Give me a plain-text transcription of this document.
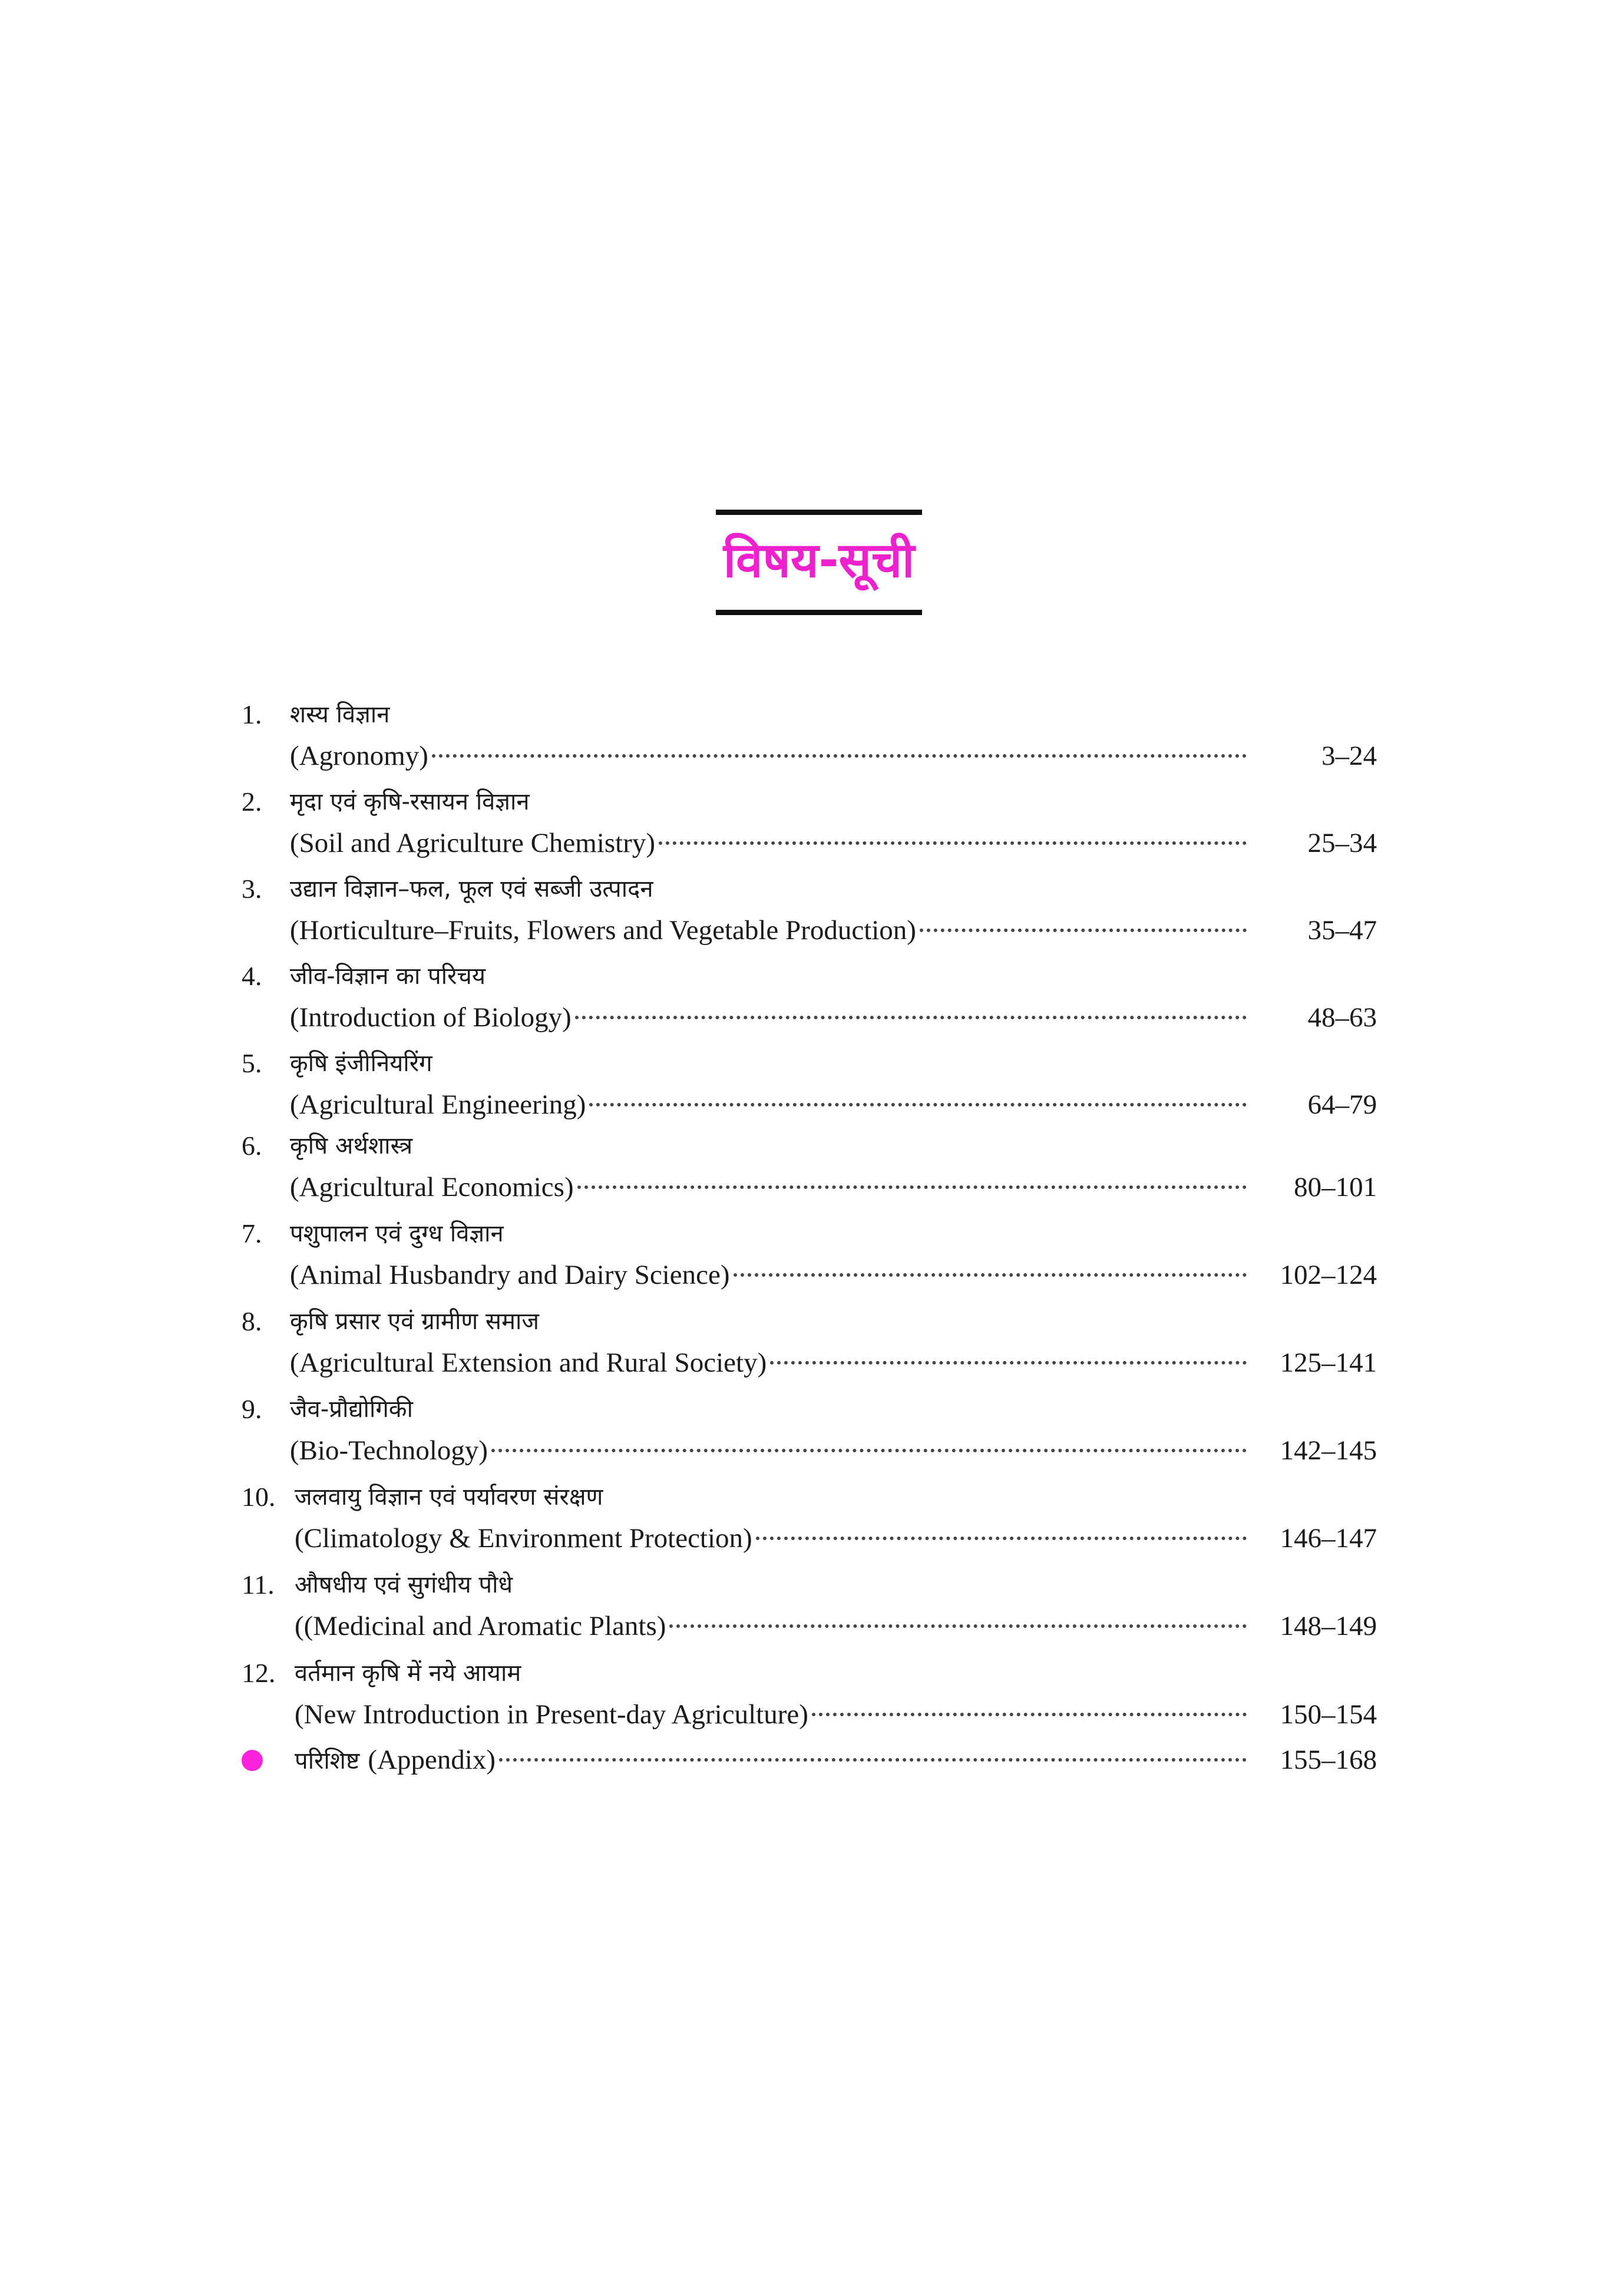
विषय-सूची
1. शस्य विज्ञान
(Agronomy)	3–24
2. मृदा एवं कृषि-रसायन विज्ञान
(Soil and Agriculture Chemistry)	25–34
3. उद्यान विज्ञान–फल, फूल एवं सब्जी उत्पादन
(Horticulture–Fruits, Flowers and Vegetable Production)	35–47
4. जीव-विज्ञान का परिचय
(Introduction of Biology)	48–63
5. कृषि इंजीनियरिंग
(Agricultural Engineering)	64–79
6. कृषि अर्थशास्त्र
(Agricultural Economics)	80–101
7. पशुपालन एवं दुग्ध विज्ञान
(Animal Husbandry and Dairy Science)	102–124
8. कृषि प्रसार एवं ग्रामीण समाज
(Agricultural Extension and Rural Society)	125–141
9. जैव-प्रौद्योगिकी
(Bio-Technology)	142–145
10. जलवायु विज्ञान एवं पर्यावरण संरक्षण
(Climatology & Environment Protection)	146–147
11. औषधीय एवं सुगंधीय पौधे
((Medicinal and Aromatic Plants)	148–149
12. वर्तमान कृषि में नये आयाम
(New Introduction in Present-day Agriculture)	150–154
परिशिष्ट (Appendix)	155–168
